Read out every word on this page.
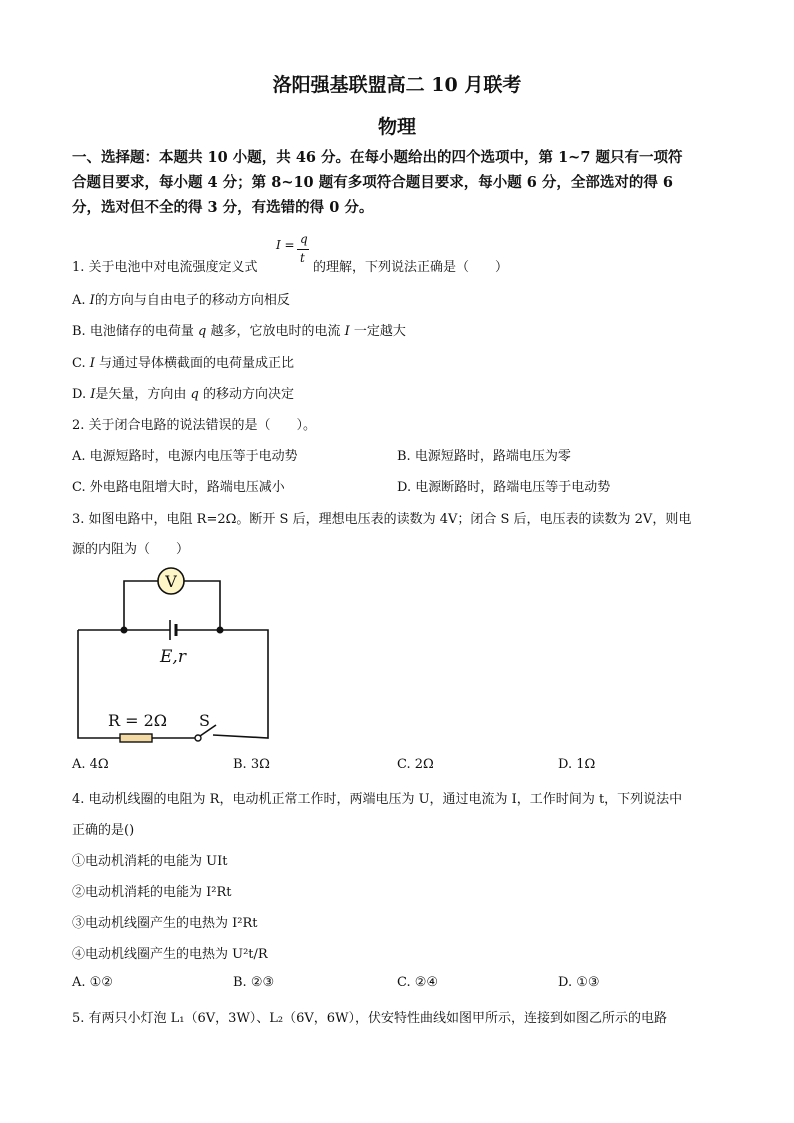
洛阳强基联盟高二 10 月联考
物理
一、选择题：本题共 10 小题，共 46 分。在每小题给出的四个选项中，第 1~7 题只有一项符
合题目要求，每小题 4 分；第 8~10 题有多项符合题目要求，每小题 6 分，全部选对的得 6
分，选对但不全的得 3 分，有选错的得 0 分。
1. 关于电池中对电流强度定义式
I = q
t
的理解，下列说法正确是（　　）
A. I的方向与自由电子的移动方向相反
B. 电池储存的电荷量 q 越多，它放电时的电流 I 一定越大
C. I 与通过导体横截面的电荷量成正比
D. I是矢量，方向由 q 的移动方向决定
2. 关于闭合电路的说法错误的是（　　）。
A. 电源短路时，电源内电压等于电动势	B. 电源短路时，路端电压为零
C. 外电路电阻增大时，路端电压减小	D. 电源断路时，路端电压等于电动势
3. 如图电路中，电阻 R=2Ω。断开 S 后，理想电压表的读数为 4V；闭合 S 后，电压表的读数为 2V，则电
源的内阻为（　　）
V
E,r
R = 2Ω S
A. 4Ω	B. 3Ω	C. 2Ω	D. 1Ω
4. 电动机线圈的电阻为 R，电动机正常工作时，两端电压为 U，通过电流为 I，工作时间为 t，下列说法中
正确的是()
①电动机消耗的电能为 UIt
②电动机消耗的电能为 I²Rt
③电动机线圈产生的电热为 I²Rt
④电动机线圈产生的电热为 U²t/R
A. ①②	B. ②③	C. ②④	D. ①③
5. 有两只小灯泡 L₁（6V，3W）、L₂（6V，6W），伏安特性曲线如图甲所示，连接到如图乙所示的电路
